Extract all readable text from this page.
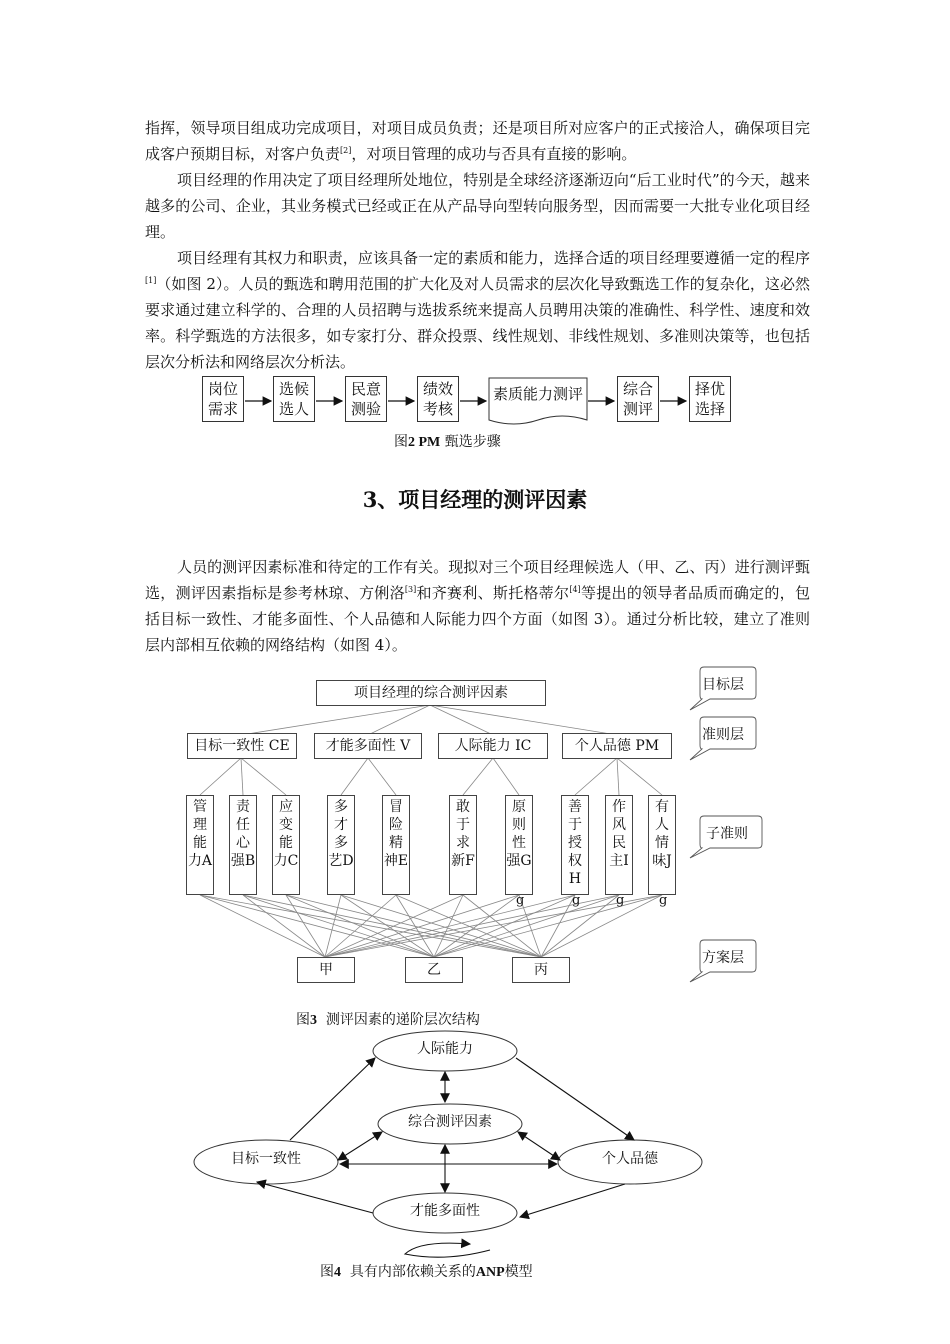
指挥，领导项目组成功完成项目，对项目成员负责；还是项目所对应客户的正式接洽人，确保项目完成客户预期目标，对客户负责[2]，对项目管理的成功与否具有直接的影响。

项目经理的作用决定了项目经理所处地位，特别是全球经济逐渐迈向“后工业时代”的今天，越来越多的公司、企业，其业务模式已经或正在从产品导向型转向服务型，因而需要一大批专业化项目经理。

项目经理有其权力和职责，应该具备一定的素质和能力，选择合适的项目经理要遵循一定的程序[1]（如图 2）。人员的甄选和聘用范围的扩大化及对人员需求的层次化导致甄选工作的复杂化，这必然要求通过建立科学的、合理的人员招聘与选拔系统来提高人员聘用决策的准确性、科学性、速度和效率。科学甄选的方法很多，如专家打分、群众投票、线性规划、非线性规划、多准则决策等，也包括层次分析法和网络层次分析法。

岗位需求
选候选人
民意测验
绩效考核
素质能力测评	综合测评
择优选择

图2 PM 甄选步骤

3、项目经理的测评因素

人员的测评因素标准和待定的工作有关。现拟对三个项目经理候选人（甲、乙、丙）进行测评甄选，测评因素指标是参考林琼、方俐洛[3]和齐赛利、斯托格蒂尔[4]等提出的领导者品质而确定的，包括目标一致性、才能多面性、个人品德和人际能力四个方面（如图 3）。通过分析比较，建立了准则层内部相互依赖的网络结构（如图 4）。

项目经理的综合测评因素
目标一致性 CE	才能多面性 V	人际能力 IC	个人品德 PM
管理能力A
责任心强B
应变能力C
多才多艺D
冒险精神E
敢于求新F
原则性强G
善于授权H
作风民主I
有人情味J
g	g	g	g
甲	乙	丙
目标层
准则层
子准则
方案层

图3 测评因素的递阶层次结构

人际能力
综合测评因素
目标一致性	个人品德
才能多面性

图4 具有内部依赖关系的ANP模型
